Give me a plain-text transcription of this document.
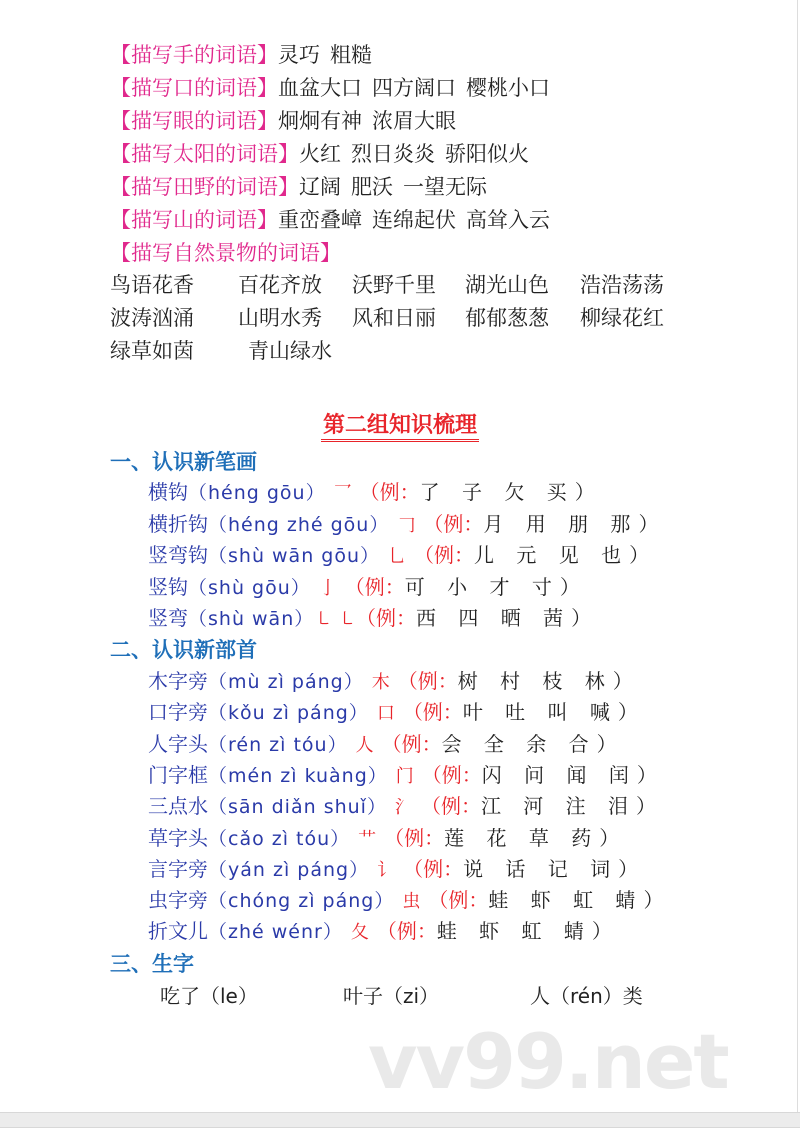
【描写手的词语】灵巧 粗糙
【描写口的词语】血盆大口 四方阔口 樱桃小口
【描写眼的词语】炯炯有神 浓眉大眼
【描写太阳的词语】火红 烈日炎炎 骄阳似火
【描写田野的词语】辽阔 肥沃 一望无际
【描写山的词语】重峦叠嶂 连绵起伏 高耸入云
【描写自然景物的词语】
鸟语花香 百花齐放 沃野千里 湖光山色 浩浩荡荡
波涛汹涌 山明水秀 风和日丽 郁郁葱葱 柳绿花红
绿草如茵	青山绿水
第二组知识梳理
一、认识新笔画
横钩（héng gōu） 乛 （例：了 子 欠 买）
横折钩（héng zhé gōu） 𠃌 （例：月 用 朋 那）
竖弯钩（shù wān gōu） 乚 （例：儿 元 见 也）
竖钩（shù gōu） 亅 （例：可 小 才 寸）
竖弯（shù wān）㇄ ㇄（例：西 四 晒 茜）
二、认识新部首
木字旁（mù zì páng） 木 （例：树 村 枝 林）
口字旁（kǒu zì páng） 口 （例：叶 吐 叫 喊）
人字头（rén zì tóu） 人 （例：会 全 余 合）
门字框（mén zì kuàng） 门 （例：闪 问 闻 闰）
三点水（sān diǎn shuǐ） 氵 （例：江 河 注 泪）
草字头（cǎo zì tóu） 艹 （例：莲 花 草 药）
言字旁（yán zì páng） 讠 （例：说 话 记 词）
虫字旁（chóng zì páng） 虫 （例：蛙 虾 虹 蜻）
折文儿（zhé wénr） 夂 （例：蛙 虾 虹 蜻）
三、生字
吃了（le）	叶子（zi）	人（rén）类
vv99.net
